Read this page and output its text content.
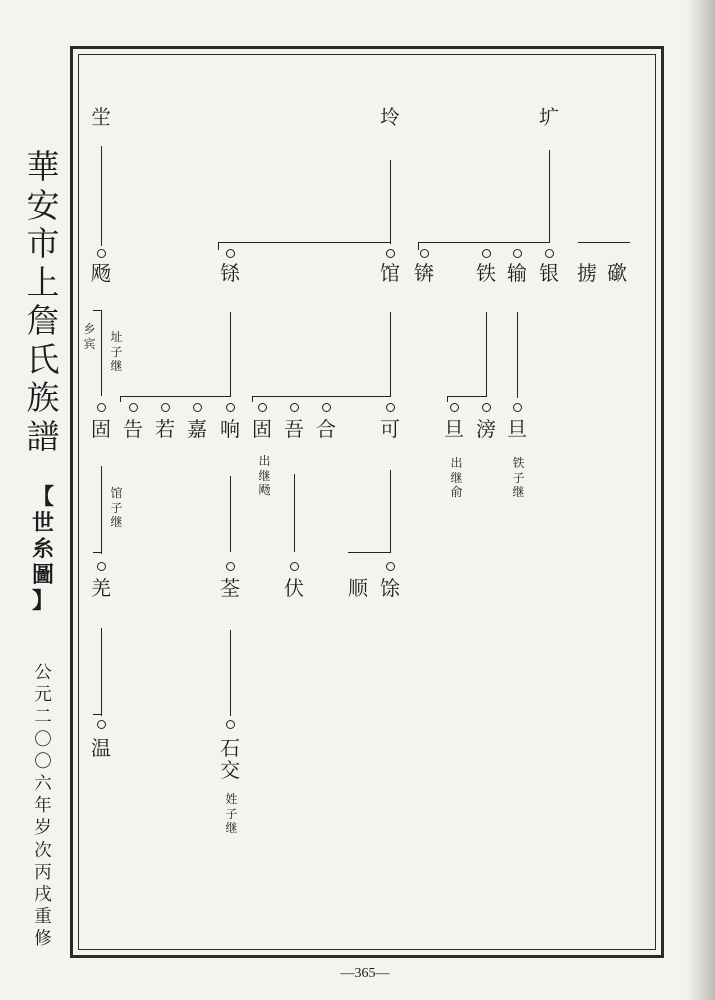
華安市上詹氏族譜
【
世糸圖
】
公元二〇〇六年岁次丙戌重修
—365—
坣	坽	圹
飏	铩	馆 锛 铁 输 银 掳 䃢
乡宾 址子继
固 告 若 嘉 响 固 吾 合 可 旦 滂 旦
馆子继
出继飏
出继俞
铁子继
羌	荃 伏 顺 馀
温	石交
姓子继
